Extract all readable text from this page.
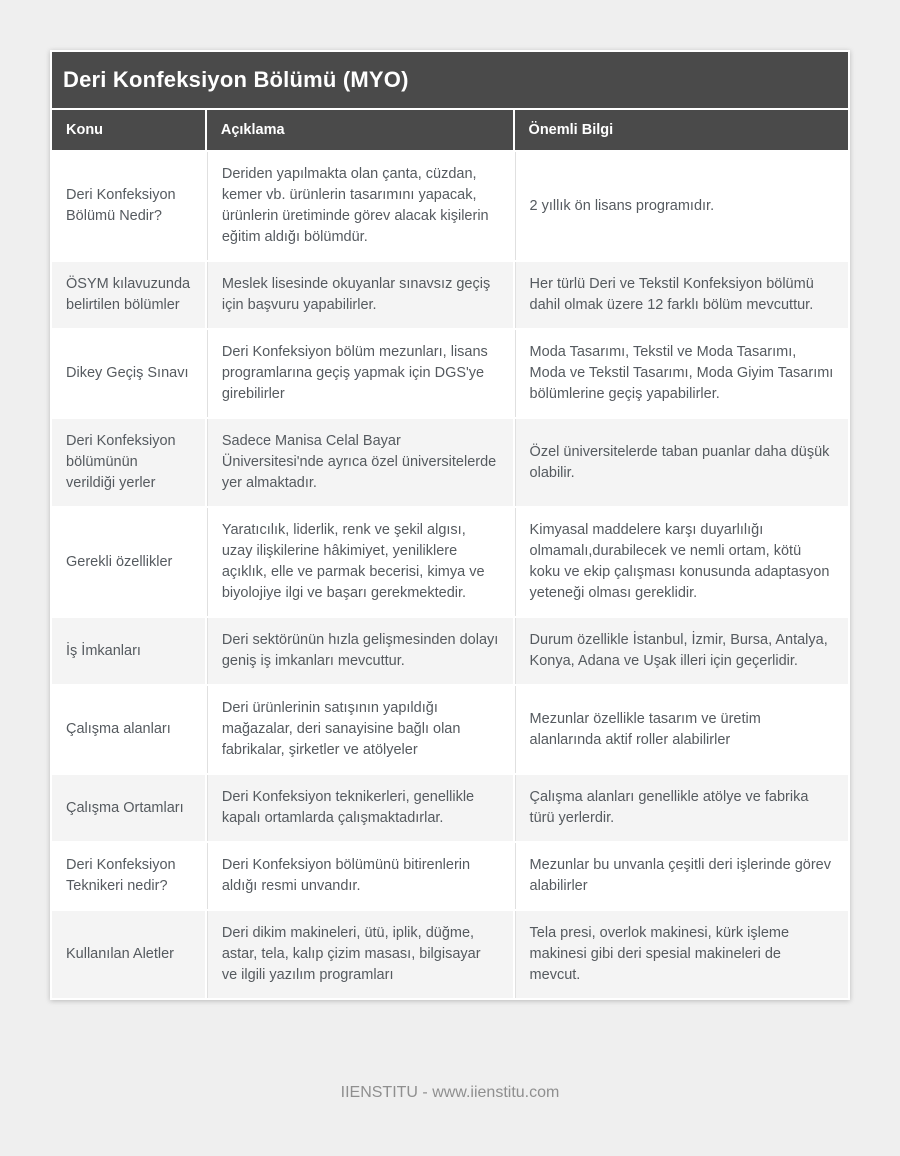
Deri Konfeksiyon Bölümü (MYO)
Konu	Açıklama	Önemli Bilgi
Deri Konfeksiyon Bölümü Nedir?	Deriden yapılmakta olan çanta, cüzdan, kemer vb. ürünlerin tasarımını yapacak, ürünlerin üretiminde görev alacak kişilerin eğitim aldığı bölümdür.	2 yıllık ön lisans programıdır.
ÖSYM kılavuzunda belirtilen bölümler	Meslek lisesinde okuyanlar sınavsız geçiş için başvuru yapabilirler.	Her türlü Deri ve Tekstil Konfeksiyon bölümü dahil olmak üzere 12 farklı bölüm mevcuttur.
Dikey Geçiş Sınavı	Deri Konfeksiyon bölüm mezunları, lisans programlarına geçiş yapmak için DGS'ye girebilirler	Moda Tasarımı, Tekstil ve Moda Tasarımı, Moda ve Tekstil Tasarımı, Moda Giyim Tasarımı bölümlerine geçiş yapabilirler.
Deri Konfeksiyon bölümünün verildiği yerler	Sadece Manisa Celal Bayar Üniversitesi'nde ayrıca özel üniversitelerde yer almaktadır.	Özel üniversitelerde taban puanlar daha düşük olabilir.
Gerekli özellikler	Yaratıcılık, liderlik, renk ve şekil algısı, uzay ilişkilerine hâkimiyet, yeniliklere açıklık, elle ve parmak becerisi, kimya ve biyolojiye ilgi ve başarı gerekmektedir.	Kimyasal maddelere karşı duyarlılığı olmamalı,durabilecek ve nemli ortam, kötü koku ve ekip çalışması konusunda adaptasyon yeteneği olması gereklidir.
İş İmkanları	Deri sektörünün hızla gelişmesinden dolayı geniş iş imkanları mevcuttur.	Durum özellikle İstanbul, İzmir, Bursa, Antalya, Konya, Adana ve Uşak illeri için geçerlidir.
Çalışma alanları	Deri ürünlerinin satışının yapıldığı mağazalar, deri sanayisine bağlı olan fabrikalar, şirketler ve atölyeler	Mezunlar özellikle tasarım ve üretim alanlarında aktif roller alabilirler
Çalışma Ortamları	Deri Konfeksiyon teknikerleri, genellikle kapalı ortamlarda çalışmaktadırlar.	Çalışma alanları genellikle atölye ve fabrika türü yerlerdir.
Deri Konfeksiyon Teknikeri nedir?	Deri Konfeksiyon bölümünü bitirenlerin aldığı resmi unvandır.	Mezunlar bu unvanla çeşitli deri işlerinde görev alabilirler
Kullanılan Aletler	Deri dikim makineleri, ütü, iplik, düğme, astar, tela, kalıp çizim masası, bilgisayar ve ilgili yazılım programları	Tela presi, overlok makinesi, kürk işleme makinesi gibi deri spesial makineleri de mevcut.
IIENSTITU - www.iienstitu.com
